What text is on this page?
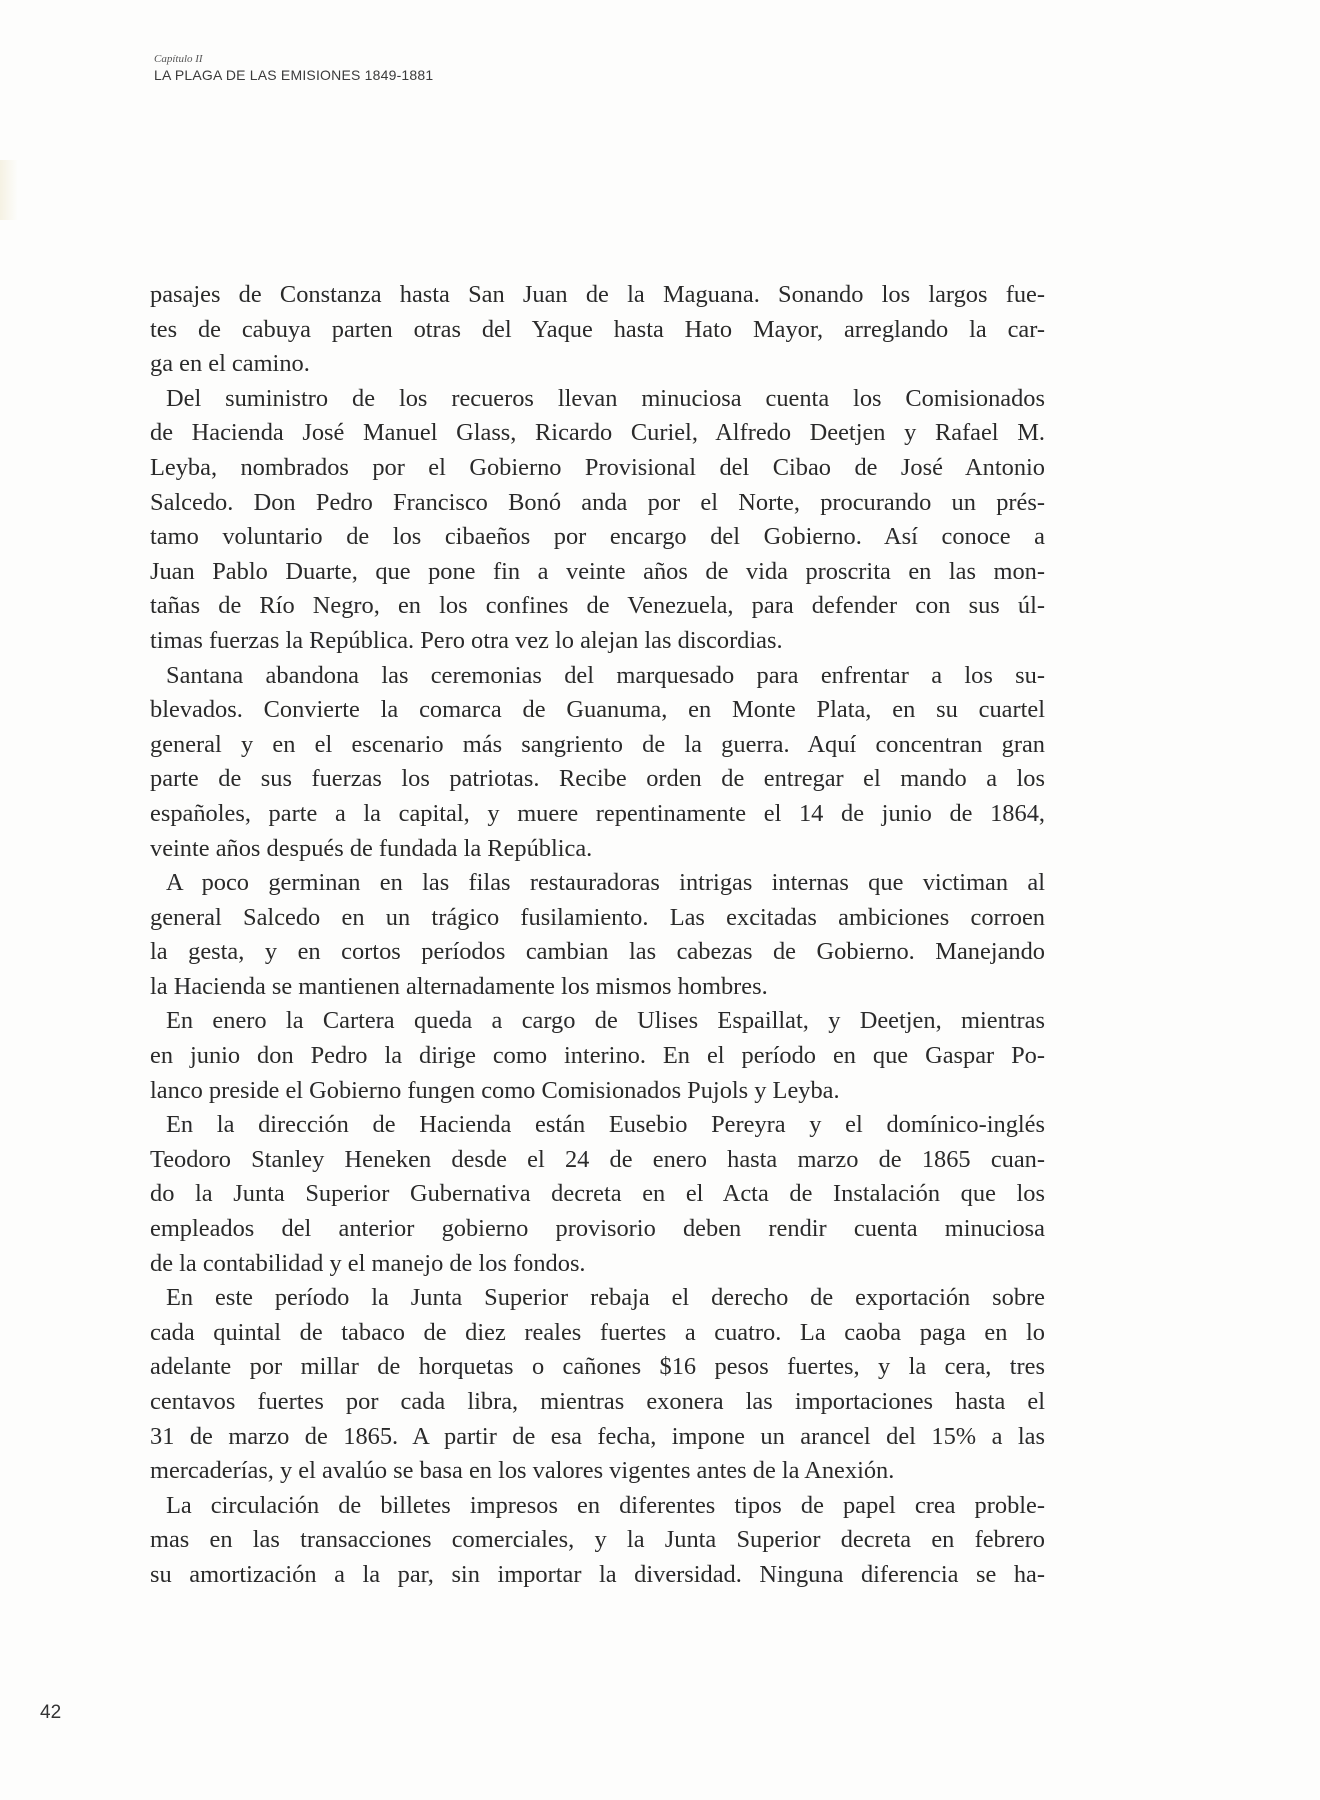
Capítulo II
LA PLAGA DE LAS EMISIONES 1849-1881
pasajes de Constanza hasta San Juan de la Maguana. Sonando los largos fue-
tes de cabuya parten otras del Yaque hasta Hato Mayor, arreglando la car-
ga en el camino.
Del suministro de los recueros llevan minuciosa cuenta los Comisionados
de Hacienda José Manuel Glass, Ricardo Curiel, Alfredo Deetjen y Rafael M.
Leyba, nombrados por el Gobierno Provisional del Cibao de José Antonio
Salcedo. Don Pedro Francisco Bonó anda por el Norte, procurando un prés-
tamo voluntario de los cibaeños por encargo del Gobierno. Así conoce a
Juan Pablo Duarte, que pone fin a veinte años de vida proscrita en las mon-
tañas de Río Negro, en los confines de Venezuela, para defender con sus úl-
timas fuerzas la República. Pero otra vez lo alejan las discordias.
Santana abandona las ceremonias del marquesado para enfrentar a los su-
blevados. Convierte la comarca de Guanuma, en Monte Plata, en su cuartel
general y en el escenario más sangriento de la guerra. Aquí concentran gran
parte de sus fuerzas los patriotas. Recibe orden de entregar el mando a los
españoles, parte a la capital, y muere repentinamente el 14 de junio de 1864,
veinte años después de fundada la República.
A poco germinan en las filas restauradoras intrigas internas que victiman al
general Salcedo en un trágico fusilamiento. Las excitadas ambiciones corroen
la gesta, y en cortos períodos cambian las cabezas de Gobierno. Manejando
la Hacienda se mantienen alternadamente los mismos hombres.
En enero la Cartera queda a cargo de Ulises Espaillat, y Deetjen, mientras
en junio don Pedro la dirige como interino. En el período en que Gaspar Po-
lanco preside el Gobierno fungen como Comisionados Pujols y Leyba.
En la dirección de Hacienda están Eusebio Pereyra y el domínico-inglés
Teodoro Stanley Heneken desde el 24 de enero hasta marzo de 1865 cuan-
do la Junta Superior Gubernativa decreta en el Acta de Instalación que los
empleados del anterior gobierno provisorio deben rendir cuenta minuciosa
de la contabilidad y el manejo de los fondos.
En este período la Junta Superior rebaja el derecho de exportación sobre
cada quintal de tabaco de diez reales fuertes a cuatro. La caoba paga en lo
adelante por millar de horquetas o cañones $16 pesos fuertes, y la cera, tres
centavos fuertes por cada libra, mientras exonera las importaciones hasta el
31 de marzo de 1865. A partir de esa fecha, impone un arancel del 15% a las
mercaderías, y el avalúo se basa en los valores vigentes antes de la Anexión.
La circulación de billetes impresos en diferentes tipos de papel crea proble-
mas en las transacciones comerciales, y la Junta Superior decreta en febrero
su amortización a la par, sin importar la diversidad. Ninguna diferencia se ha-
42
